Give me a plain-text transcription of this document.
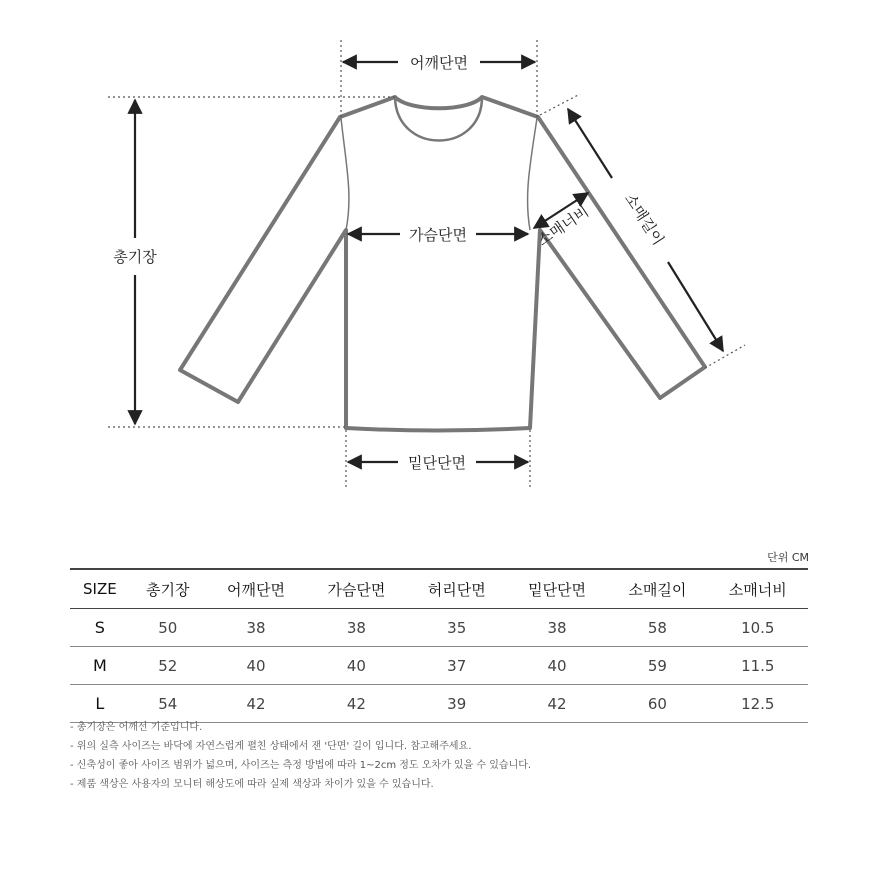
어깨단면
가슴단면
총기장
밑단단면
소매너비 소매길이
단위 CM
SIZE	총기장	어깨단면	가슴단면	허리단면	밑단단면	소매길이	소매너비
S	50	38	38	35	38	58	10.5
M	52	40	40	37	40	59	11.5
L	54	42	42	39	42	60	12.5
- 총기장은 어깨선 기준입니다.
- 위의 실측 사이즈는 바닥에 자연스럽게 펼친 상태에서 잰 '단면' 길이 입니다. 참고해주세요.
- 신축성이 좋아 사이즈 범위가 넓으며, 사이즈는 측정 방법에 따라 1~2cm 정도 오차가 있을 수 있습니다.
- 제품 색상은 사용자의 모니터 해상도에 따라 실제 색상과 차이가 있을 수 있습니다.
